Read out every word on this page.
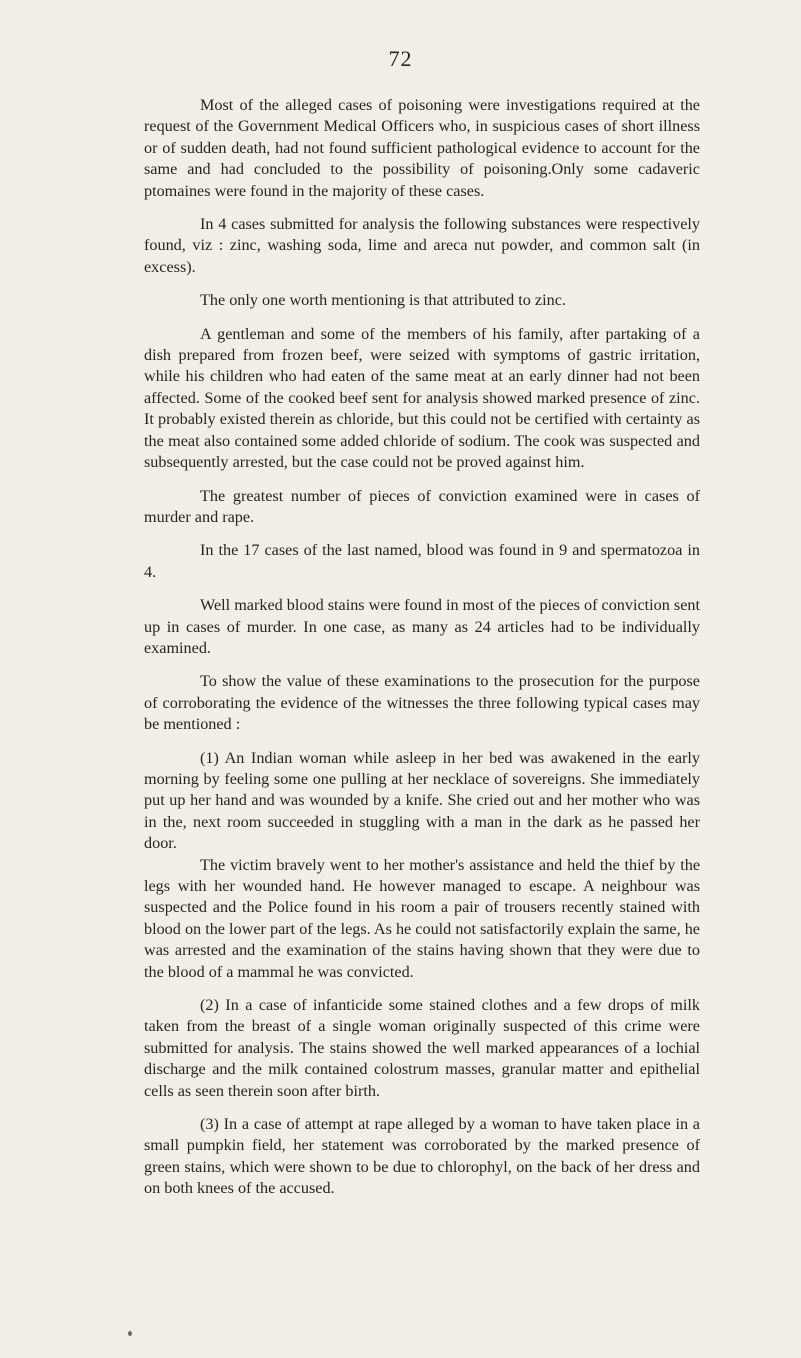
72

Most of the alleged cases of poisoning were investigations required at the request of the Government Medical Officers who, in suspicious cases of short illness or of sudden death, had not found sufficient pathological evidence to account for the same and had concluded to the possibility of poisoning.Only some cadaveric ptomaines were found in the majority of these cases.

In 4 cases submitted for analysis the following substances were respectively found, viz : zinc, washing soda, lime and areca nut powder, and common salt (in excess).

The only one worth mentioning is that attributed to zinc.

A gentleman and some of the members of his family, after partaking of a dish prepared from frozen beef, were seized with symptoms of gastric irritation, while his children who had eaten of the same meat at an early dinner had not been affected. Some of the cooked beef sent for analysis showed marked presence of zinc. It probably existed therein as chloride, but this could not be certified with certainty as the meat also contained some added chloride of sodium. The cook was suspected and subsequently arrested, but the case could not be proved against him.

The greatest number of pieces of conviction examined were in cases of murder and rape.

In the 17 cases of the last named, blood was found in 9 and spermatozoa in 4.

Well marked blood stains were found in most of the pieces of conviction sent up in cases of murder. In one case, as many as 24 articles had to be individually examined.

To show the value of these examinations to the prosecution for the purpose of corroborating the evidence of the witnesses the three following typical cases may be mentioned :

(1) An Indian woman while asleep in her bed was awakened in the early morning by feeling some one pulling at her necklace of sovereigns. She immediately put up her hand and was wounded by a knife. She cried out and her mother who was in the, next room succeeded in stuggling with a man in the dark as he passed her door.

The victim bravely went to her mother's assistance and held the thief by the legs with her wounded hand. He however managed to escape. A neighbour was suspected and the Police found in his room a pair of trousers recently stained with blood on the lower part of the legs. As he could not satisfactorily explain the same, he was arrested and the examination of the stains having shown that they were due to the blood of a mammal he was convicted.

(2) In a case of infanticide some stained clothes and a few drops of milk taken from the breast of a single woman originally suspected of this crime were submitted for analysis. The stains showed the well marked appearances of a lochial discharge and the milk contained colostrum masses, granular matter and epithelial cells as seen therein soon after birth.

(3) In a case of attempt at rape alleged by a woman to have taken place in a small pumpkin field, her statement was corroborated by the marked presence of green stains, which were shown to be due to chlorophyl, on the back of her dress and on both knees of the accused.
